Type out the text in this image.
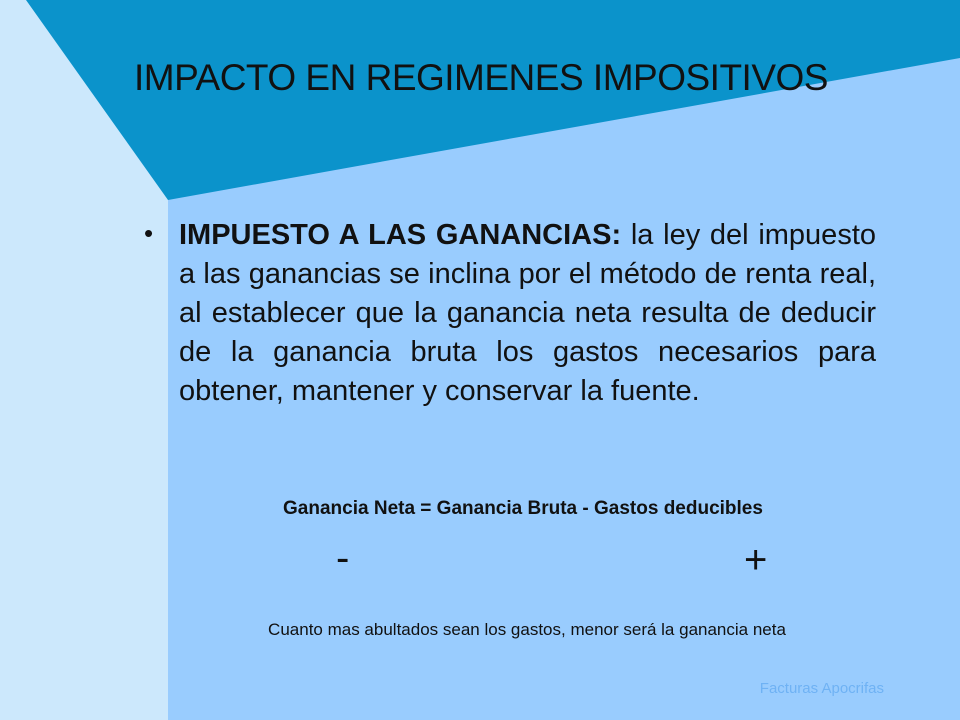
IMPACTO EN REGIMENES IMPOSITIVOS
• IMPUESTO A LAS GANANCIAS: la ley del impuesto a las ganancias se inclina por el método de renta real, al establecer que la ganancia neta resulta de deducir de la ganancia bruta los gastos necesarios para obtener, mantener y conservar la fuente.
Ganancia Neta = Ganancia Bruta - Gastos deducibles
-	+
Cuanto mas abultados sean los gastos, menor será la ganancia neta
Facturas Apocrifas
